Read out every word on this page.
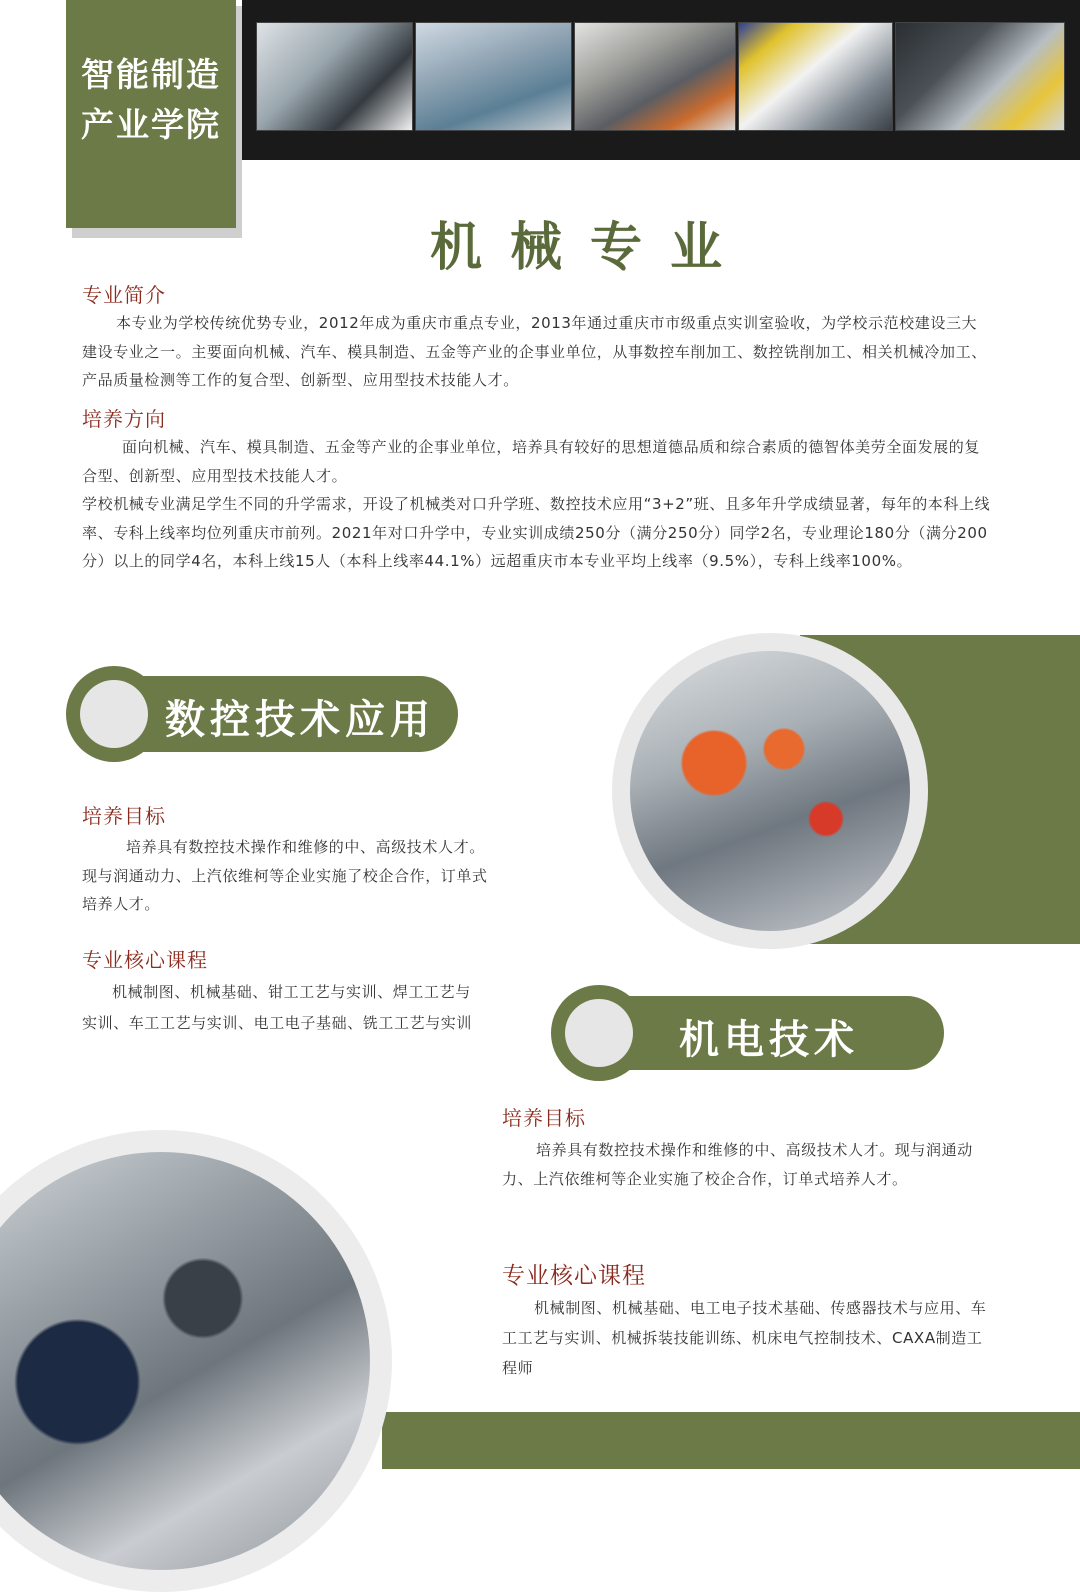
智能制造
产业学院
机械专业
专业简介
本专业为学校传统优势专业，2012年成为重庆市重点专业，2013年通过重庆市市级重点实训室验收，为学校示范校建设三大建设专业之一。主要面向机械、汽车、模具制造、五金等产业的企事业单位，从事数控车削加工、数控铣削加工、相关机械冷加工、产品质量检测等工作的复合型、创新型、应用型技术技能人才。
培养方向
面向机械、汽车、模具制造、五金等产业的企事业单位，培养具有较好的思想道德品质和综合素质的德智体美劳全面发展的复合型、创新型、应用型技术技能人才。
学校机械专业满足学生不同的升学需求，开设了机械类对口升学班、数控技术应用“3+2”班、且多年升学成绩显著，每年的本科上线率、专科上线率均位列重庆市前列。2021年对口升学中，专业实训成绩250分（满分250分）同学2名，专业理论180分（满分200分）以上的同学4名，本科上线15人（本科上线率44.1%）远超重庆市本专业平均上线率（9.5%），专科上线率100%。
数控技术应用
培养目标
培养具有数控技术操作和维修的中、高级技术人才。现与润通动力、上汽依维柯等企业实施了校企合作，订单式培养人才。
专业核心课程
机械制图、机械基础、钳工工艺与实训、焊工工艺与实训、车工工艺与实训、电工电子基础、铣工工艺与实训	机电技术
培养目标
培养具有数控技术操作和维修的中、高级技术人才。现与润通动力、上汽依维柯等企业实施了校企合作，订单式培养人才。
专业核心课程
机械制图、机械基础、电工电子技术基础、传感器技术与应用、车工工艺与实训、机械拆装技能训练、机床电气控制技术、CAXA制造工程师
